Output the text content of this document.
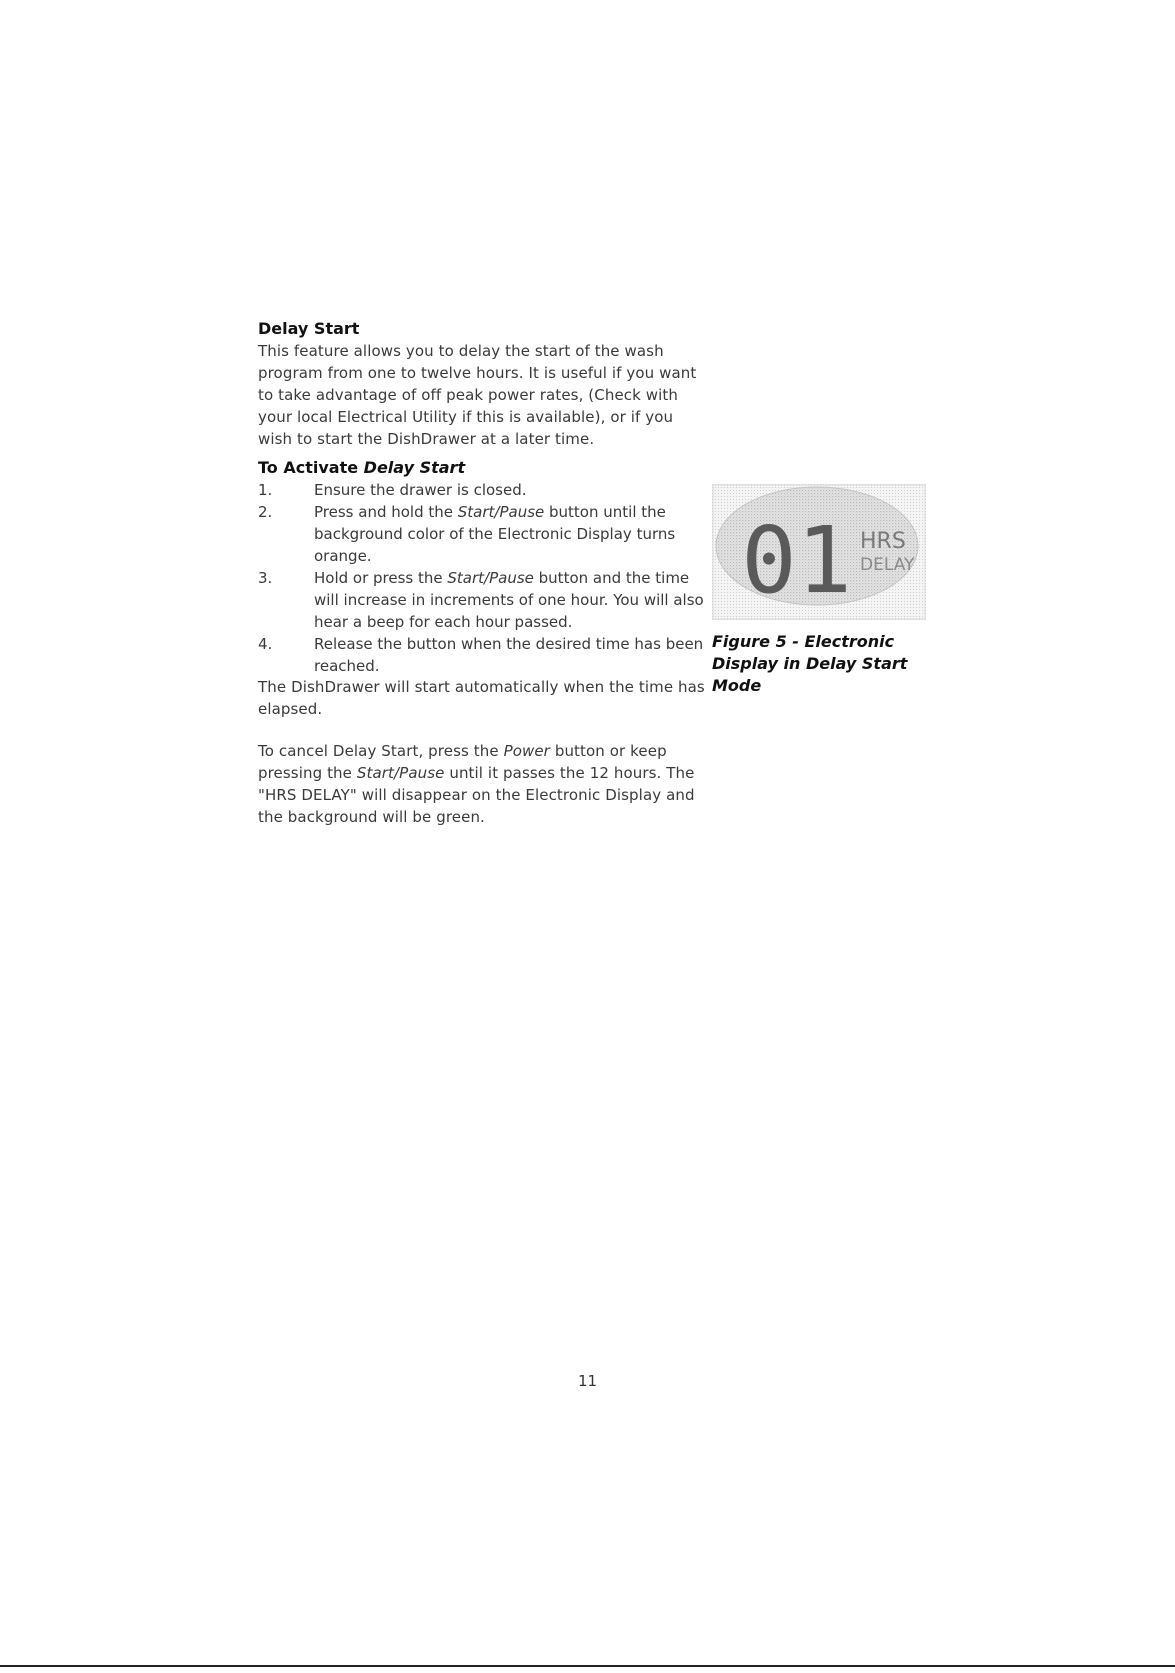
Delay Start

This feature allows you to delay the start of the wash program from one to twelve hours. It is useful if you want to take advantage of off peak power rates, (Check with your local Electrical Utility if this is available), or if you wish to start the DishDrawer at a later time.

To Activate Delay Start

1.	Ensure the drawer is closed.
2.	Press and hold the Start/Pause button until the background color of the Electronic Display turns orange.
3.	Hold or press the Start/Pause button and the time will increase in increments of one hour. You will also hear a beep for each hour passed.
4.	Release the button when the desired time has been reached.

The DishDrawer will start automatically when the time has elapsed.

To cancel Delay Start, press the Power button or keep pressing the Start/Pause until it passes the 12 hours. The "HRS DELAY" will disappear on the Electronic Display and the background will be green.

01 HRS
DELAY

Figure 5 - Electronic Display in Delay Start Mode

11
